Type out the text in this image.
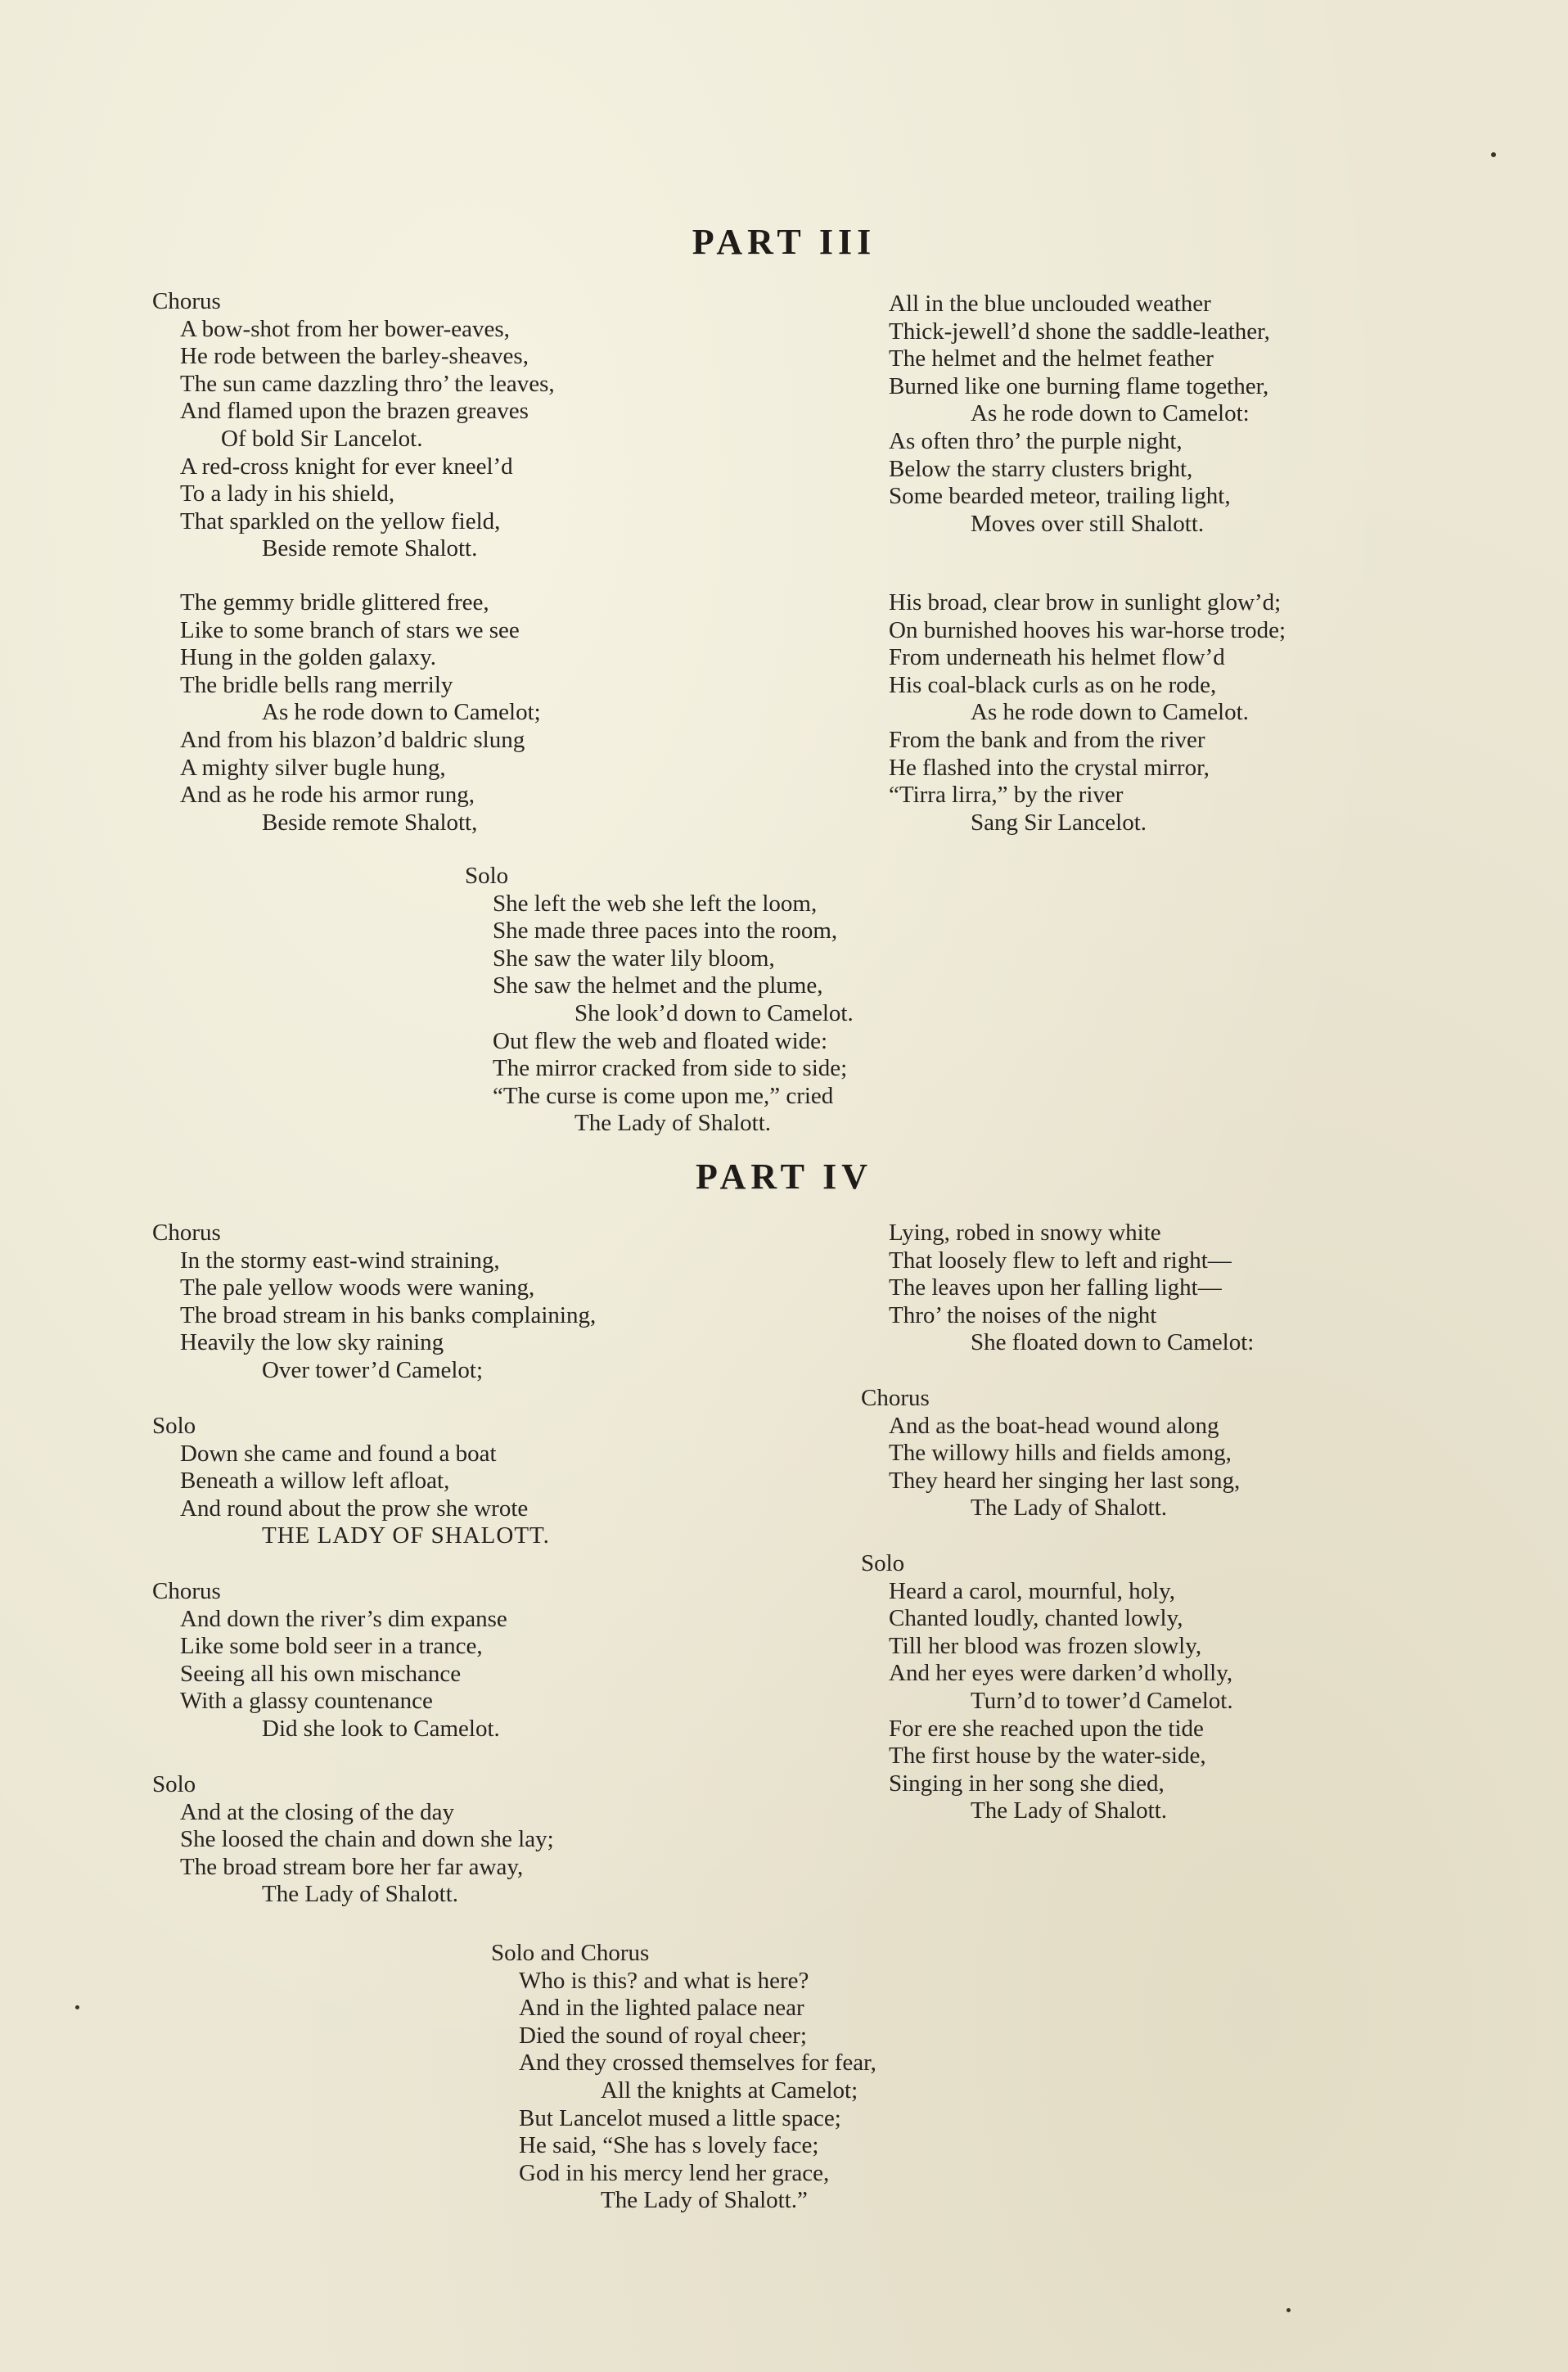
PART III
Chorus
A bow-shot from her bower-eaves,
He rode between the barley-sheaves,
The sun came dazzling thro’ the leaves,
And flamed upon the brazen greaves
Of bold Sir Lancelot.
A red-cross knight for ever kneel’d
To a lady in his shield,
That sparkled on the yellow field,
Beside remote Shalott.
The gemmy bridle glittered free,
Like to some branch of stars we see
Hung in the golden galaxy.
The bridle bells rang merrily
As he rode down to Camelot;
And from his blazon’d baldric slung
A mighty silver bugle hung,
And as he rode his armor rung,
Beside remote Shalott,
All in the blue unclouded weather
Thick-jewell’d shone the saddle-leather,
The helmet and the helmet feather
Burned like one burning flame together,
As he rode down to Camelot:
As often thro’ the purple night,
Below the starry clusters bright,
Some bearded meteor, trailing light,
Moves over still Shalott.
His broad, clear brow in sunlight glow’d;
On burnished hooves his war-horse trode;
From underneath his helmet flow’d
His coal-black curls as on he rode,
As he rode down to Camelot.
From the bank and from the river
He flashed into the crystal mirror,
“Tirra lirra,” by the river
Sang Sir Lancelot.
Solo
She left the web she left the loom,
She made three paces into the room,
She saw the water lily bloom,
She saw the helmet and the plume,
She look’d down to Camelot.
Out flew the web and floated wide:
The mirror cracked from side to side;
“The curse is come upon me,” cried
The Lady of Shalott.
PART IV
Chorus
In the stormy east-wind straining,
The pale yellow woods were waning,
The broad stream in his banks complaining,
Heavily the low sky raining
Over tower’d Camelot;
Solo
Down she came and found a boat
Beneath a willow left afloat,
And round about the prow she wrote
THE LADY OF SHALOTT.
Chorus
And down the river’s dim expanse
Like some bold seer in a trance,
Seeing all his own mischance
With a glassy countenance
Did she look to Camelot.
Solo
And at the closing of the day
She loosed the chain and down she lay;
The broad stream bore her far away,
The Lady of Shalott.
Lying, robed in snowy white
That loosely flew to left and right—
The leaves upon her falling light—
Thro’ the noises of the night
She floated down to Camelot:
Chorus
And as the boat-head wound along
The willowy hills and fields among,
They heard her singing her last song,
The Lady of Shalott.
Solo
Heard a carol, mournful, holy,
Chanted loudly, chanted lowly,
Till her blood was frozen slowly,
And her eyes were darken’d wholly,
Turn’d to tower’d Camelot.
For ere she reached upon the tide
The first house by the water-side,
Singing in her song she died,
The Lady of Shalott.
Solo and Chorus
Who is this? and what is here?
And in the lighted palace near
Died the sound of royal cheer;
And they crossed themselves for fear,
All the knights at Camelot;
But Lancelot mused a little space;
He said, “She has s lovely face;
God in his mercy lend her grace,
The Lady of Shalott.”
